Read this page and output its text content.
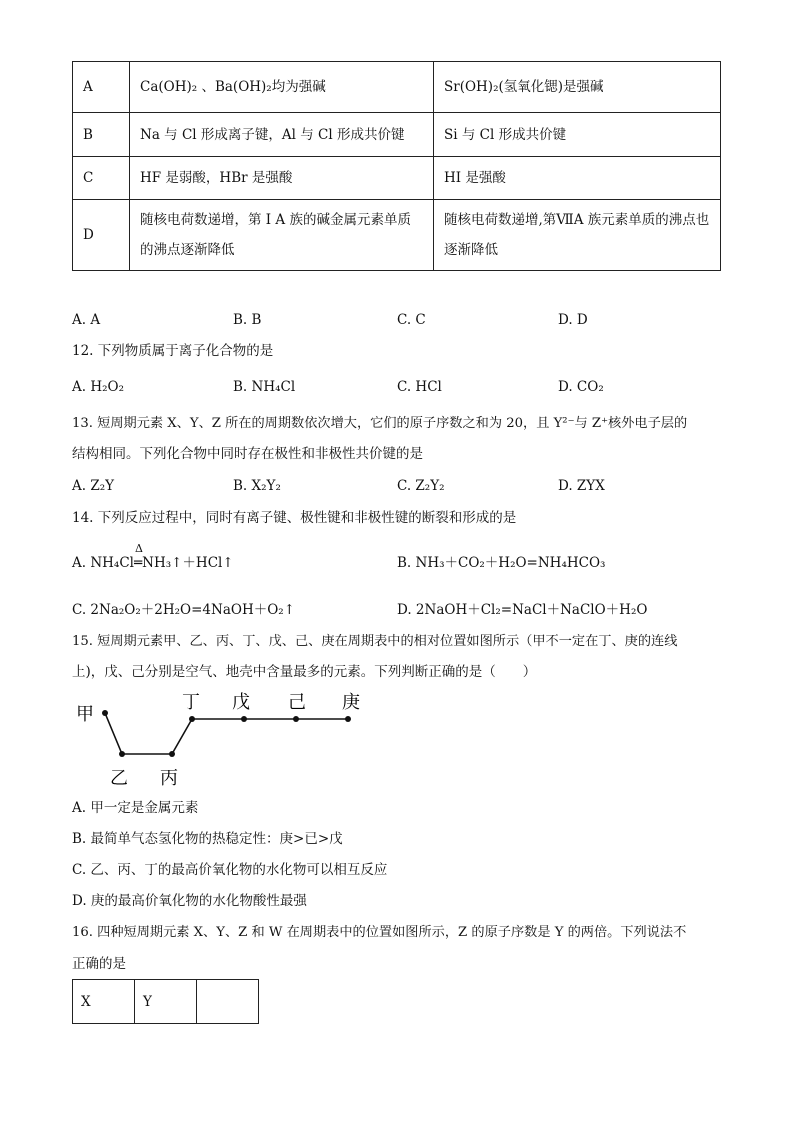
A	Ca(OH)₂ 、Ba(OH)₂均为强碱	Sr(OH)₂(氢氧化锶)是强碱
B	Na 与 Cl 形成离子键，Al 与 Cl 形成共价键	Si 与 Cl 形成共价键
C	HF 是弱酸，HBr 是强酸	HI 是强酸
D	随核电荷数递增，第 I A 族的碱金属元素单质的沸点逐渐降低	随核电荷数递增,第ⅦA 族元素单质的沸点也逐渐降低
A. A	B. B	C. C	D. D
12. 下列物质属于离子化合物的是
A. H₂O₂	B. NH₄Cl	C. HCl	D. CO₂
13. 短周期元素 X、Y、Z 所在的周期数依次增大，它们的原子序数之和为 20，且 Y²⁻与 Z⁺核外电子层的
结构相同。下列化合物中同时存在极性和非极性共价键的是
A. Z₂Y	B. X₂Y₂	C. Z₂Y₂	D. ZYX
14. 下列反应过程中，同时有离子键、极性键和非极性键的断裂和形成的是
A. NH₄Cl
Δ
═NH₃↑＋HCl↑	B. NH₃＋CO₂＋H₂O=NH₄HCO₃
C. 2Na₂O₂＋2H₂O=4NaOH＋O₂↑	D. 2NaOH＋Cl₂=NaCl＋NaClO＋H₂O
15. 短周期元素甲、乙、丙、丁、戊、己、庚在周期表中的相对位置如图所示（甲不一定在丁、庚的连线
上)，戊、己分别是空气、地壳中含量最多的元素。下列判断正确的是（　　）
甲
乙 丙
丁 戊 己 庚
A. 甲一定是金属元素
B. 最简单气态氢化物的热稳定性：庚>已>戊
C. 乙、丙、丁的最高价氧化物的水化物可以相互反应
D. 庚的最高价氧化物的水化物酸性最强
16. 四种短周期元素 X、Y、Z 和 W 在周期表中的位置如图所示，Z 的原子序数是 Y 的两倍。下列说法不
正确的是
X	Y	
